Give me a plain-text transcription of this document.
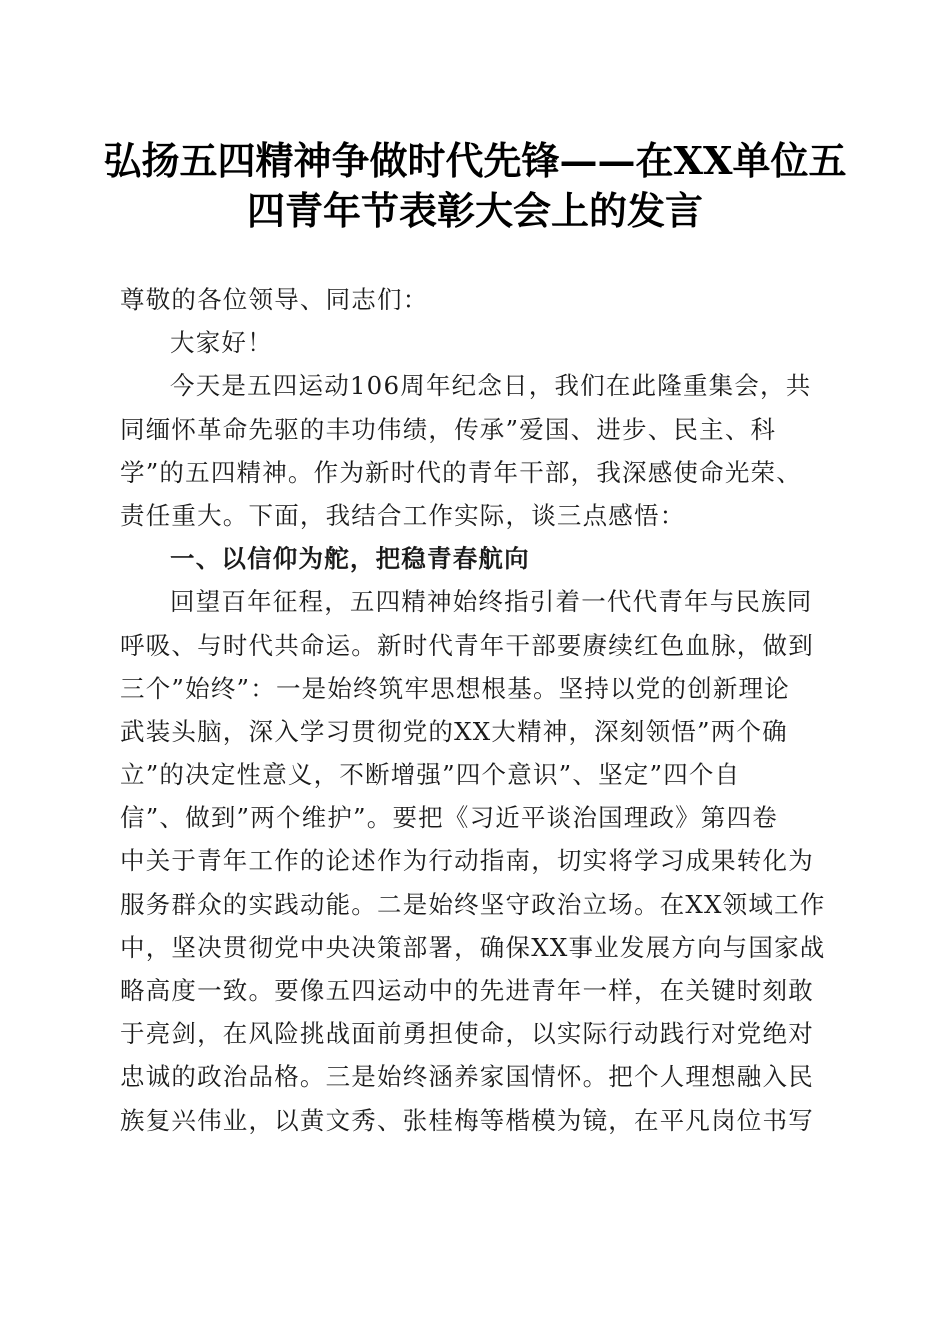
弘扬五四精神争做时代先锋——在XX单位五
四青年节表彰大会上的发言
尊敬的各位领导、同志们：
大家好！
今天是五四运动106周年纪念日，我们在此隆重集会，共
同缅怀革命先驱的丰功伟绩，传承”爱国、进步、民主、科
学”的五四精神。作为新时代的青年干部，我深感使命光荣、
责任重大。下面，我结合工作实际，谈三点感悟：
一、以信仰为舵，把稳青春航向
回望百年征程，五四精神始终指引着一代代青年与民族同
呼吸、与时代共命运。新时代青年干部要赓续红色血脉，做到
三个”始终”：一是始终筑牢思想根基。坚持以党的创新理论
武装头脑，深入学习贯彻党的XX大精神，深刻领悟”两个确
立”的决定性意义，不断增强”四个意识”、坚定”四个自
信”、做到”两个维护”。要把《习近平谈治国理政》第四卷
中关于青年工作的论述作为行动指南，切实将学习成果转化为
服务群众的实践动能。二是始终坚守政治立场。在XX领域工作
中，坚决贯彻党中央决策部署，确保XX事业发展方向与国家战
略高度一致。要像五四运动中的先进青年一样，在关键时刻敢
于亮剑，在风险挑战面前勇担使命，以实际行动践行对党绝对
忠诚的政治品格。三是始终涵养家国情怀。把个人理想融入民
族复兴伟业，以黄文秀、张桂梅等楷模为镜，在平凡岗位书写
